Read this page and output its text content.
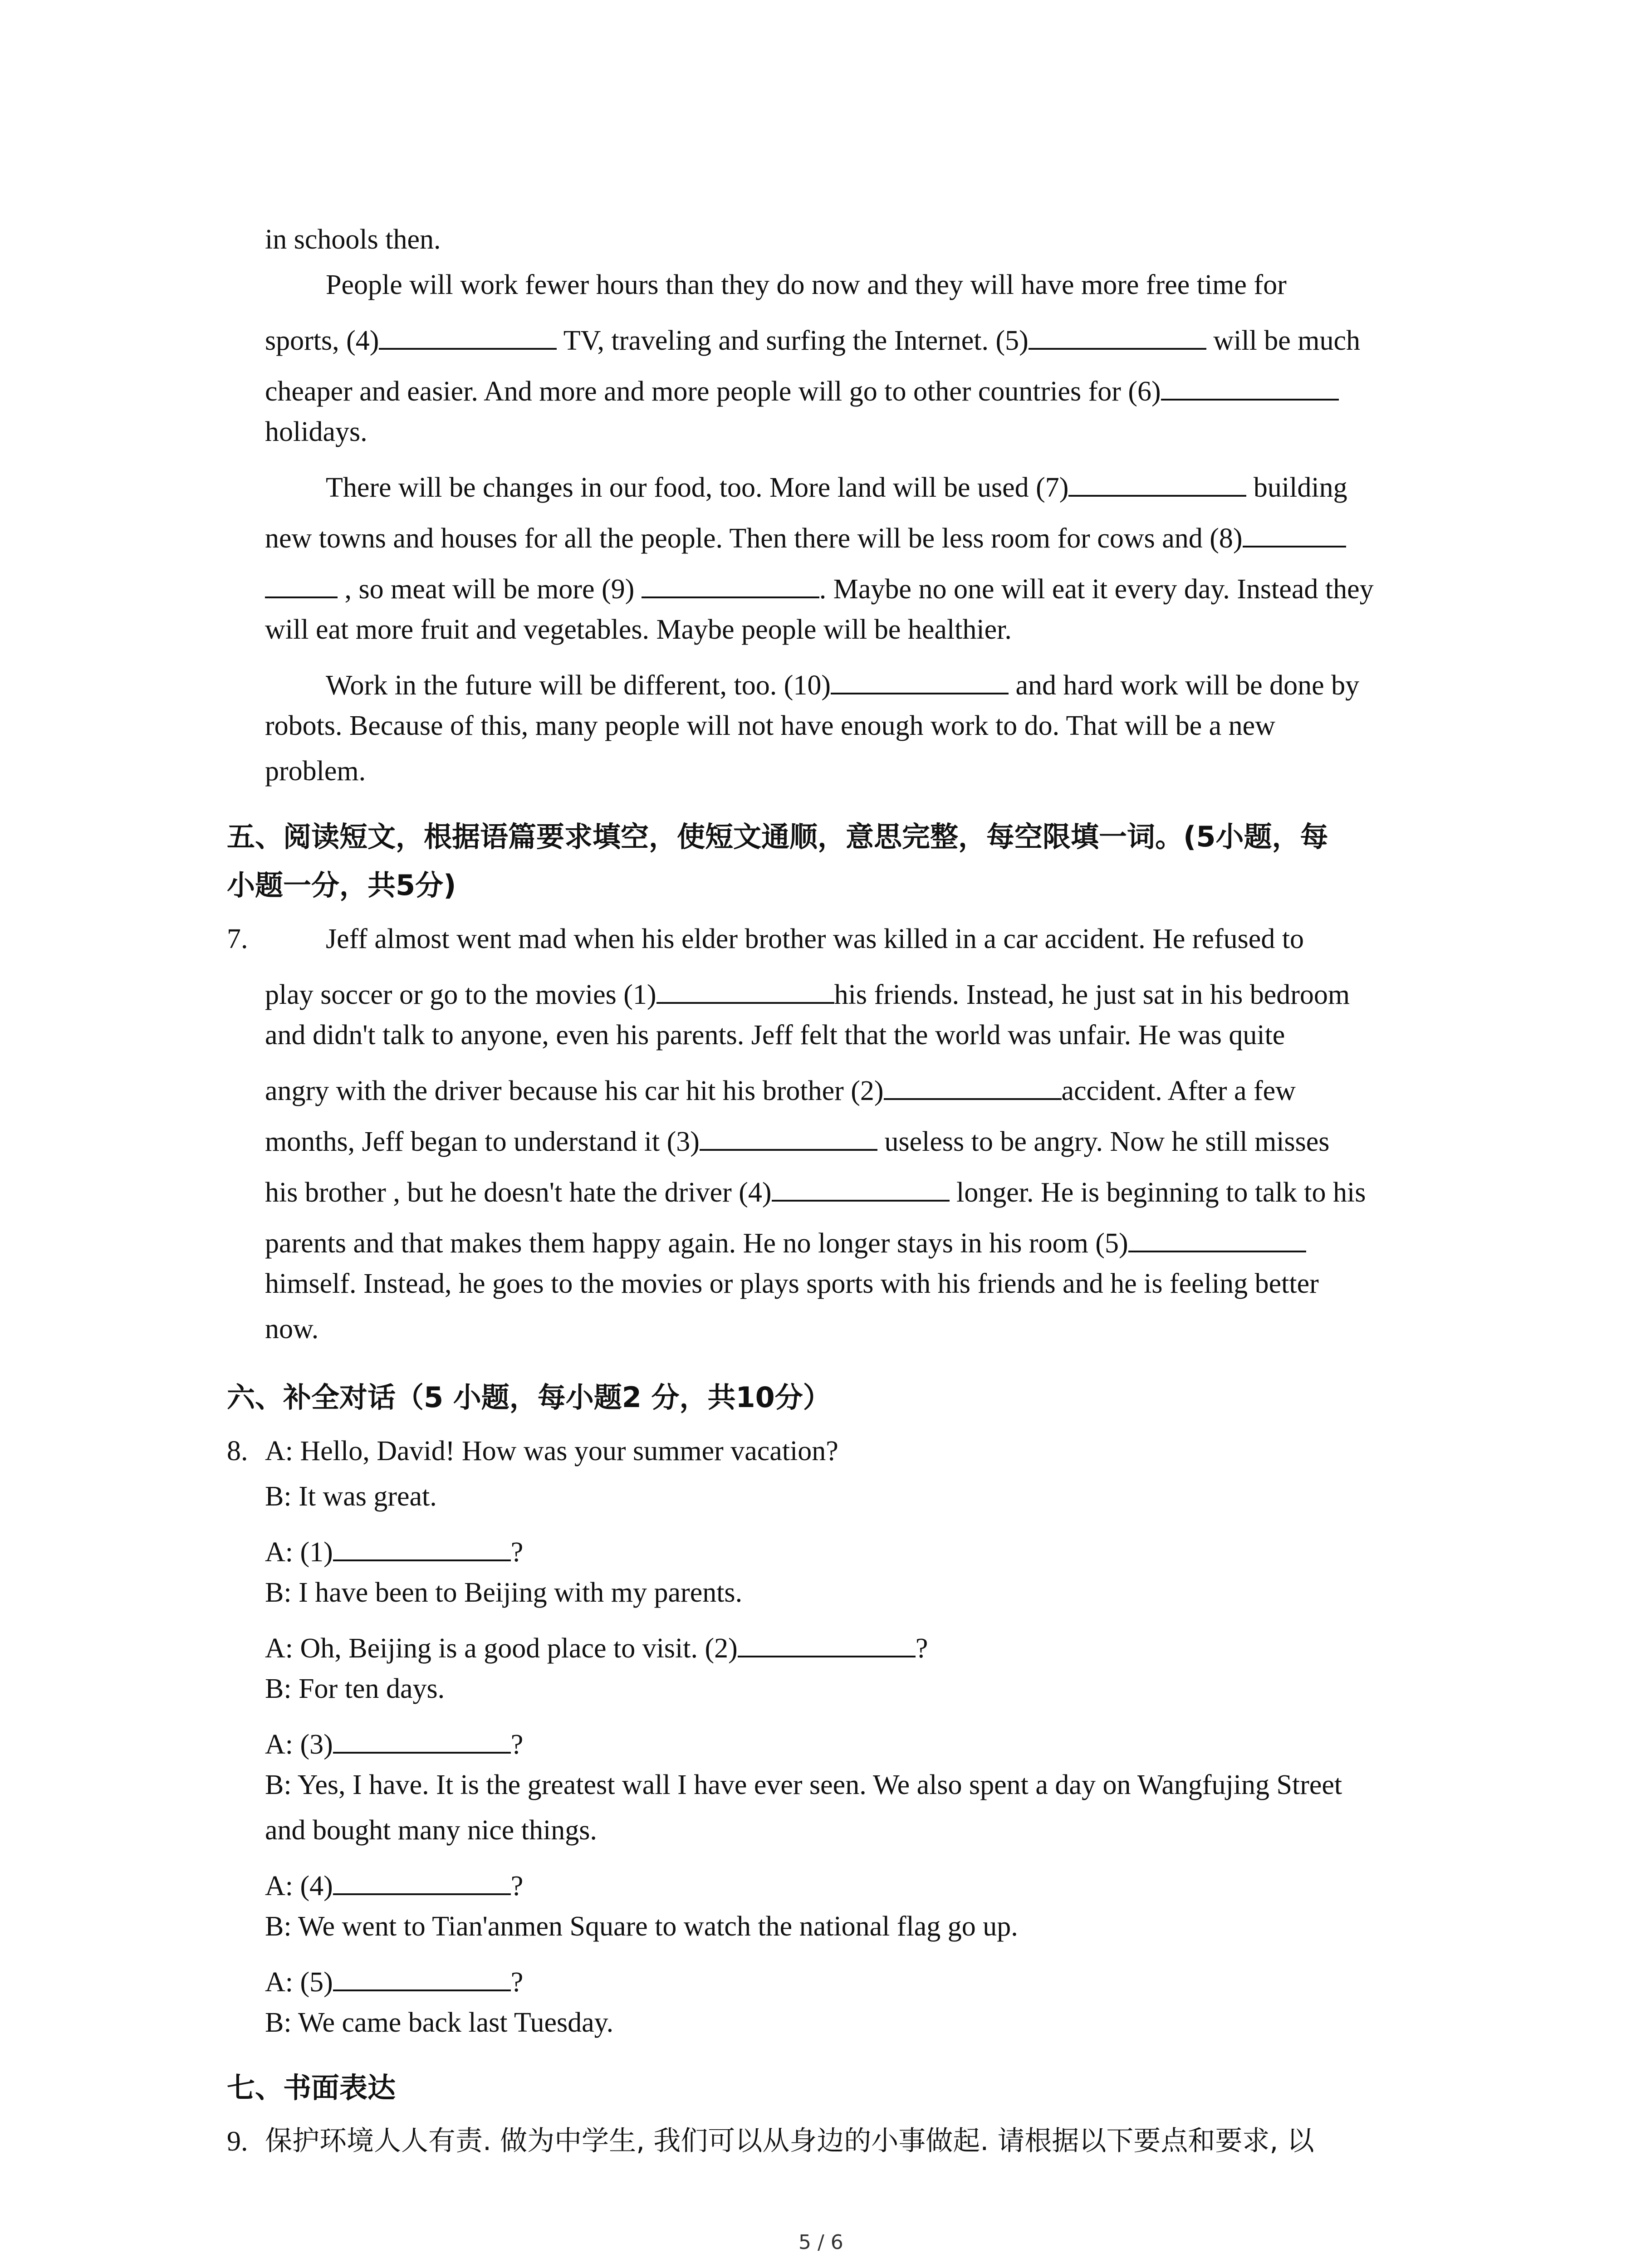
in schools then.
People will work fewer hours than they do now and they will have more free time for
sports, (4)	TV, traveling and surfing the Internet. (5)	will be much
cheaper and easier. And more and more people will go to other countries for (6)
holidays.
There will be changes in our food, too. More land will be used (7)	building
new towns and houses for all the people. Then there will be less room for cows and (8)
, so meat will be more (9)	. Maybe no one will eat it every day. Instead they
will eat more fruit and vegetables. Maybe people will be healthier.
Work in the future will be different, too. (10)	and hard work will be done by
robots. Because of this, many people will not have enough work to do. That will be a new
problem.
五、阅读短文，根据语篇要求填空，使短文通顺，意思完整，每空限填一词。(5小题，每
小题一分，共5分)
7.	Jeff almost went mad when his elder brother was killed in a car accident. He refused to
play soccer or go to the movies (1)	his friends. Instead, he just sat in his bedroom
and didn't talk to anyone, even his parents. Jeff felt that the world was unfair. He was quite
angry with the driver because his car hit his brother (2)	accident. After a few
months, Jeff began to understand it (3)	useless to be angry. Now he still misses
his brother , but he doesn't hate the driver (4)	longer. He is beginning to talk to his
parents and that makes them happy again. He no longer stays in his room (5)
himself. Instead, he goes to the movies or plays sports with his friends and he is feeling better
now.
六、补全对话（5 小题，每小题2 分，共10分）
8. A: Hello, David! How was your summer vacation?
B: It was great.
A: (1)	?
B: I have been to Beijing with my parents.
A: Oh, Beijing is a good place to visit. (2)	?
B: For ten days.
A: (3)	?
B: Yes, I have. It is the greatest wall I have ever seen. We also spent a day on Wangfujing Street
and bought many nice things.
A: (4)	?
B: We went to Tian'anmen Square to watch the national flag go up.
A: (5)	?
B: We came back last Tuesday.
七、书面表达
9. 保护环境人人有责. 做为中学生, 我们可以从身边的小事做起. 请根据以下要点和要求, 以
5 / 6
